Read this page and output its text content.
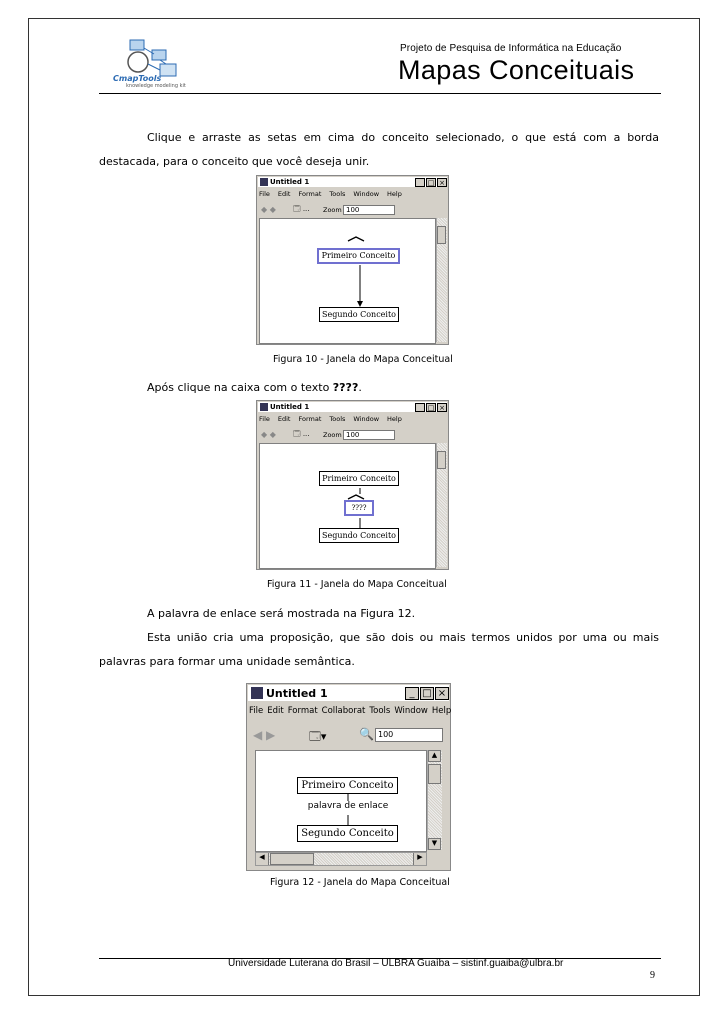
CmapTools
knowledge modeling kit
Projeto de Pesquisa de Informática na Educação
Mapas Conceituais
Clique e arraste as setas em cima do conceito selecionado, o que está com a borda
destacada, para o conceito que você deseja unir.
Untitled 1	_ □ ×
File Edit Format Tools Window Help
◆ ◆ 🗔 ... Zoom 100
Primeiro Conceito
Segundo Conceito
Figura 10 - Janela do Mapa Conceitual
Após clique na caixa com o texto ????.
Untitled 1	_ □ ×
File Edit Format Tools Window Help
◆ ◆ 🗔 ... Zoom 100
Primeiro Conceito
????
Segundo Conceito
Figura 11 - Janela do Mapa Conceitual
A palavra de enlace será mostrada na Figura 12.
Esta união cria uma proposição, que são dois ou mais termos unidos por uma ou mais
palavras para formar uma unidade semântica.
Untitled 1	_ □ ×
File Edit Format Collaborat Tools Window Help
◀ ▶	🗔▾	🔍 100
Primeiro Conceito
palavra de enlace
Segundo Conceito
▲
▼
◀	▶
Figura 12 - Janela do Mapa Conceitual
Universidade Luterana do Brasil – ULBRA Guaíba – sistinf.guaiba@ulbra.br
9
